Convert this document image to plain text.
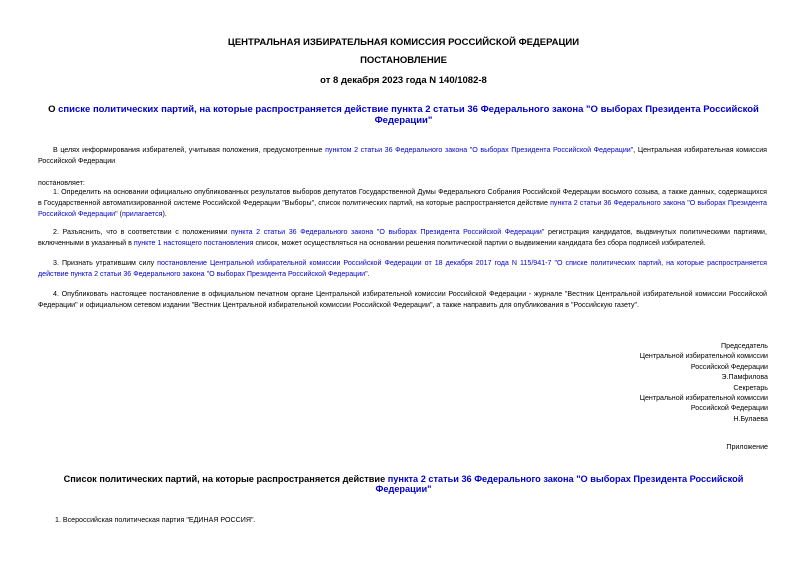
ЦЕНТРАЛЬНАЯ ИЗБИРАТЕЛЬНАЯ КОМИССИЯ РОССИЙСКОЙ ФЕДЕРАЦИИ
ПОСТАНОВЛЕНИЕ
от 8 декабря 2023 года N 140/1082-8
О списке политических партий, на которые распространяется действие пункта 2 статьи 36 Федерального закона "О выборах Президента Российской Федерации"
В целях информирования избирателей, учитывая положения, предусмотренные пунктом 2 статьи 36 Федерального закона "О выборах Президента Российской Федерации", Центральная избирательная комиссия Российской Федерации
постановляет:
1. Определить на основании официально опубликованных результатов выборов депутатов Государственной Думы Федерального Собрания Российской Федерации восьмого созыва, а также данных, содержащихся в Государственной автоматизированной системе Российской Федерации "Выборы", список политических партий, на которые распространяется действие пункта 2 статьи 36 Федерального закона "О выборах Президента Российской Федерации" (прилагается).
2. Разъяснить, что в соответствии с положениями пункта 2 статьи 36 Федерального закона "О выборах Президента Российской Федерации" регистрация кандидатов, выдвинутых политическими партиями, включенными в указанный в пункте 1 настоящего постановления список, может осуществляться на основании решения политической партии о выдвижении кандидата без сбора подписей избирателей.
3. Признать утратившим силу постановление Центральной избирательной комиссии Российской Федерации от 18 декабря 2017 года N 115/941-7 "О списке политических партий, на которые распространяется действие пункта 2 статьи 36 Федерального закона "О выборах Президента Российской Федерации".
4. Опубликовать настоящее постановление в официальном печатном органе Центральной избирательной комиссии Российской Федерации - журнале "Вестник Центральной избирательной комиссии Российской Федерации" и официальном сетевом издании "Вестник Центральной избирательной комиссии Российской Федерации", а также направить для опубликования в "Российскую газету".
Председатель
Центральной избирательной комиссии
Российской Федерации
Э.Памфилова
Секретарь
Центральной избирательной комиссии
Российской Федерации
Н.Булаева
Приложение
Список политических партий, на которые распространяется действие пункта 2 статьи 36 Федерального закона "О выборах Президента Российской Федерации"
1. Всероссийская политическая партия "ЕДИНАЯ РОССИЯ".
